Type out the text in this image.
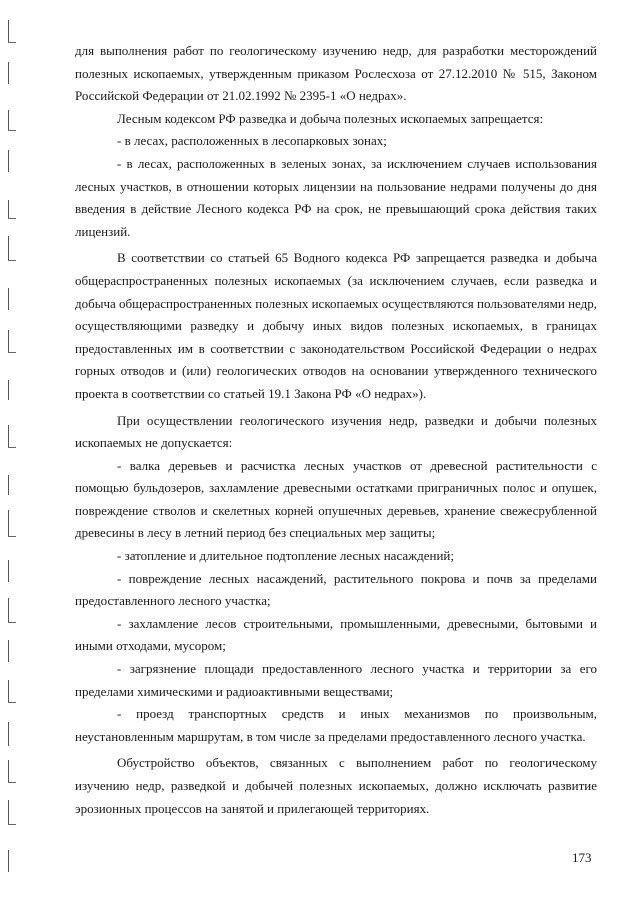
для выполнения работ по геологическому изучению недр, для разработки месторождений полезных ископаемых, утвержденным приказом Рослесхоза от 27.12.2010 № 515, Законом Российской Федерации от 21.02.1992 № 2395-1 «О недрах».

Лесным кодексом РФ разведка и добыча полезных ископаемых запрещается:

- в лесах, расположенных в лесопарковых зонах;

- в лесах, расположенных в зеленых зонах, за исключением случаев использования лесных участков, в отношении которых лицензии на пользование недрами получены до дня введения в действие Лесного кодекса РФ на срок, не превышающий срока действия таких лицензий.

В соответствии со статьей 65 Водного кодекса РФ запрещается разведка и добыча общераспространенных полезных ископаемых (за исключением случаев, если разведка и добыча общераспространенных полезных ископаемых осуществляются пользователями недр, осуществляющими разведку и добычу иных видов полезных ископаемых, в границах предоставленных им в соответствии с законодательством Российской Федерации о недрах горных отводов и (или) геологических отводов на основании утвержденного технического проекта в соответствии со статьей 19.1 Закона РФ «О недрах»).

При осуществлении геологического изучения недр, разведки и добычи полезных ископаемых не допускается:

- валка деревьев и расчистка лесных участков от древесной растительности с помощью бульдозеров, захламление древесными остатками приграничных полос и опушек, повреждение стволов и скелетных корней опушечных деревьев, хранение свежесрубленной древесины в лесу в летний период без специальных мер защиты;

- затопление и длительное подтопление лесных насаждений;

- повреждение лесных насаждений, растительного покрова и почв за пределами предоставленного лесного участка;

- захламление лесов строительными, промышленными, древесными, бытовыми и иными отходами, мусором;

- загрязнение площади предоставленного лесного участка и территории за его пределами химическими и радиоактивными веществами;

- проезд транспортных средств и иных механизмов по произвольным, неустановленным маршрутам, в том числе за пределами предоставленного лесного участка.

Обустройство объектов, связанных с выполнением работ по геологическому изучению недр, разведкой и добычей полезных ископаемых, должно исключать развитие эрозионных процессов на занятой и прилегающей территориях.

173
